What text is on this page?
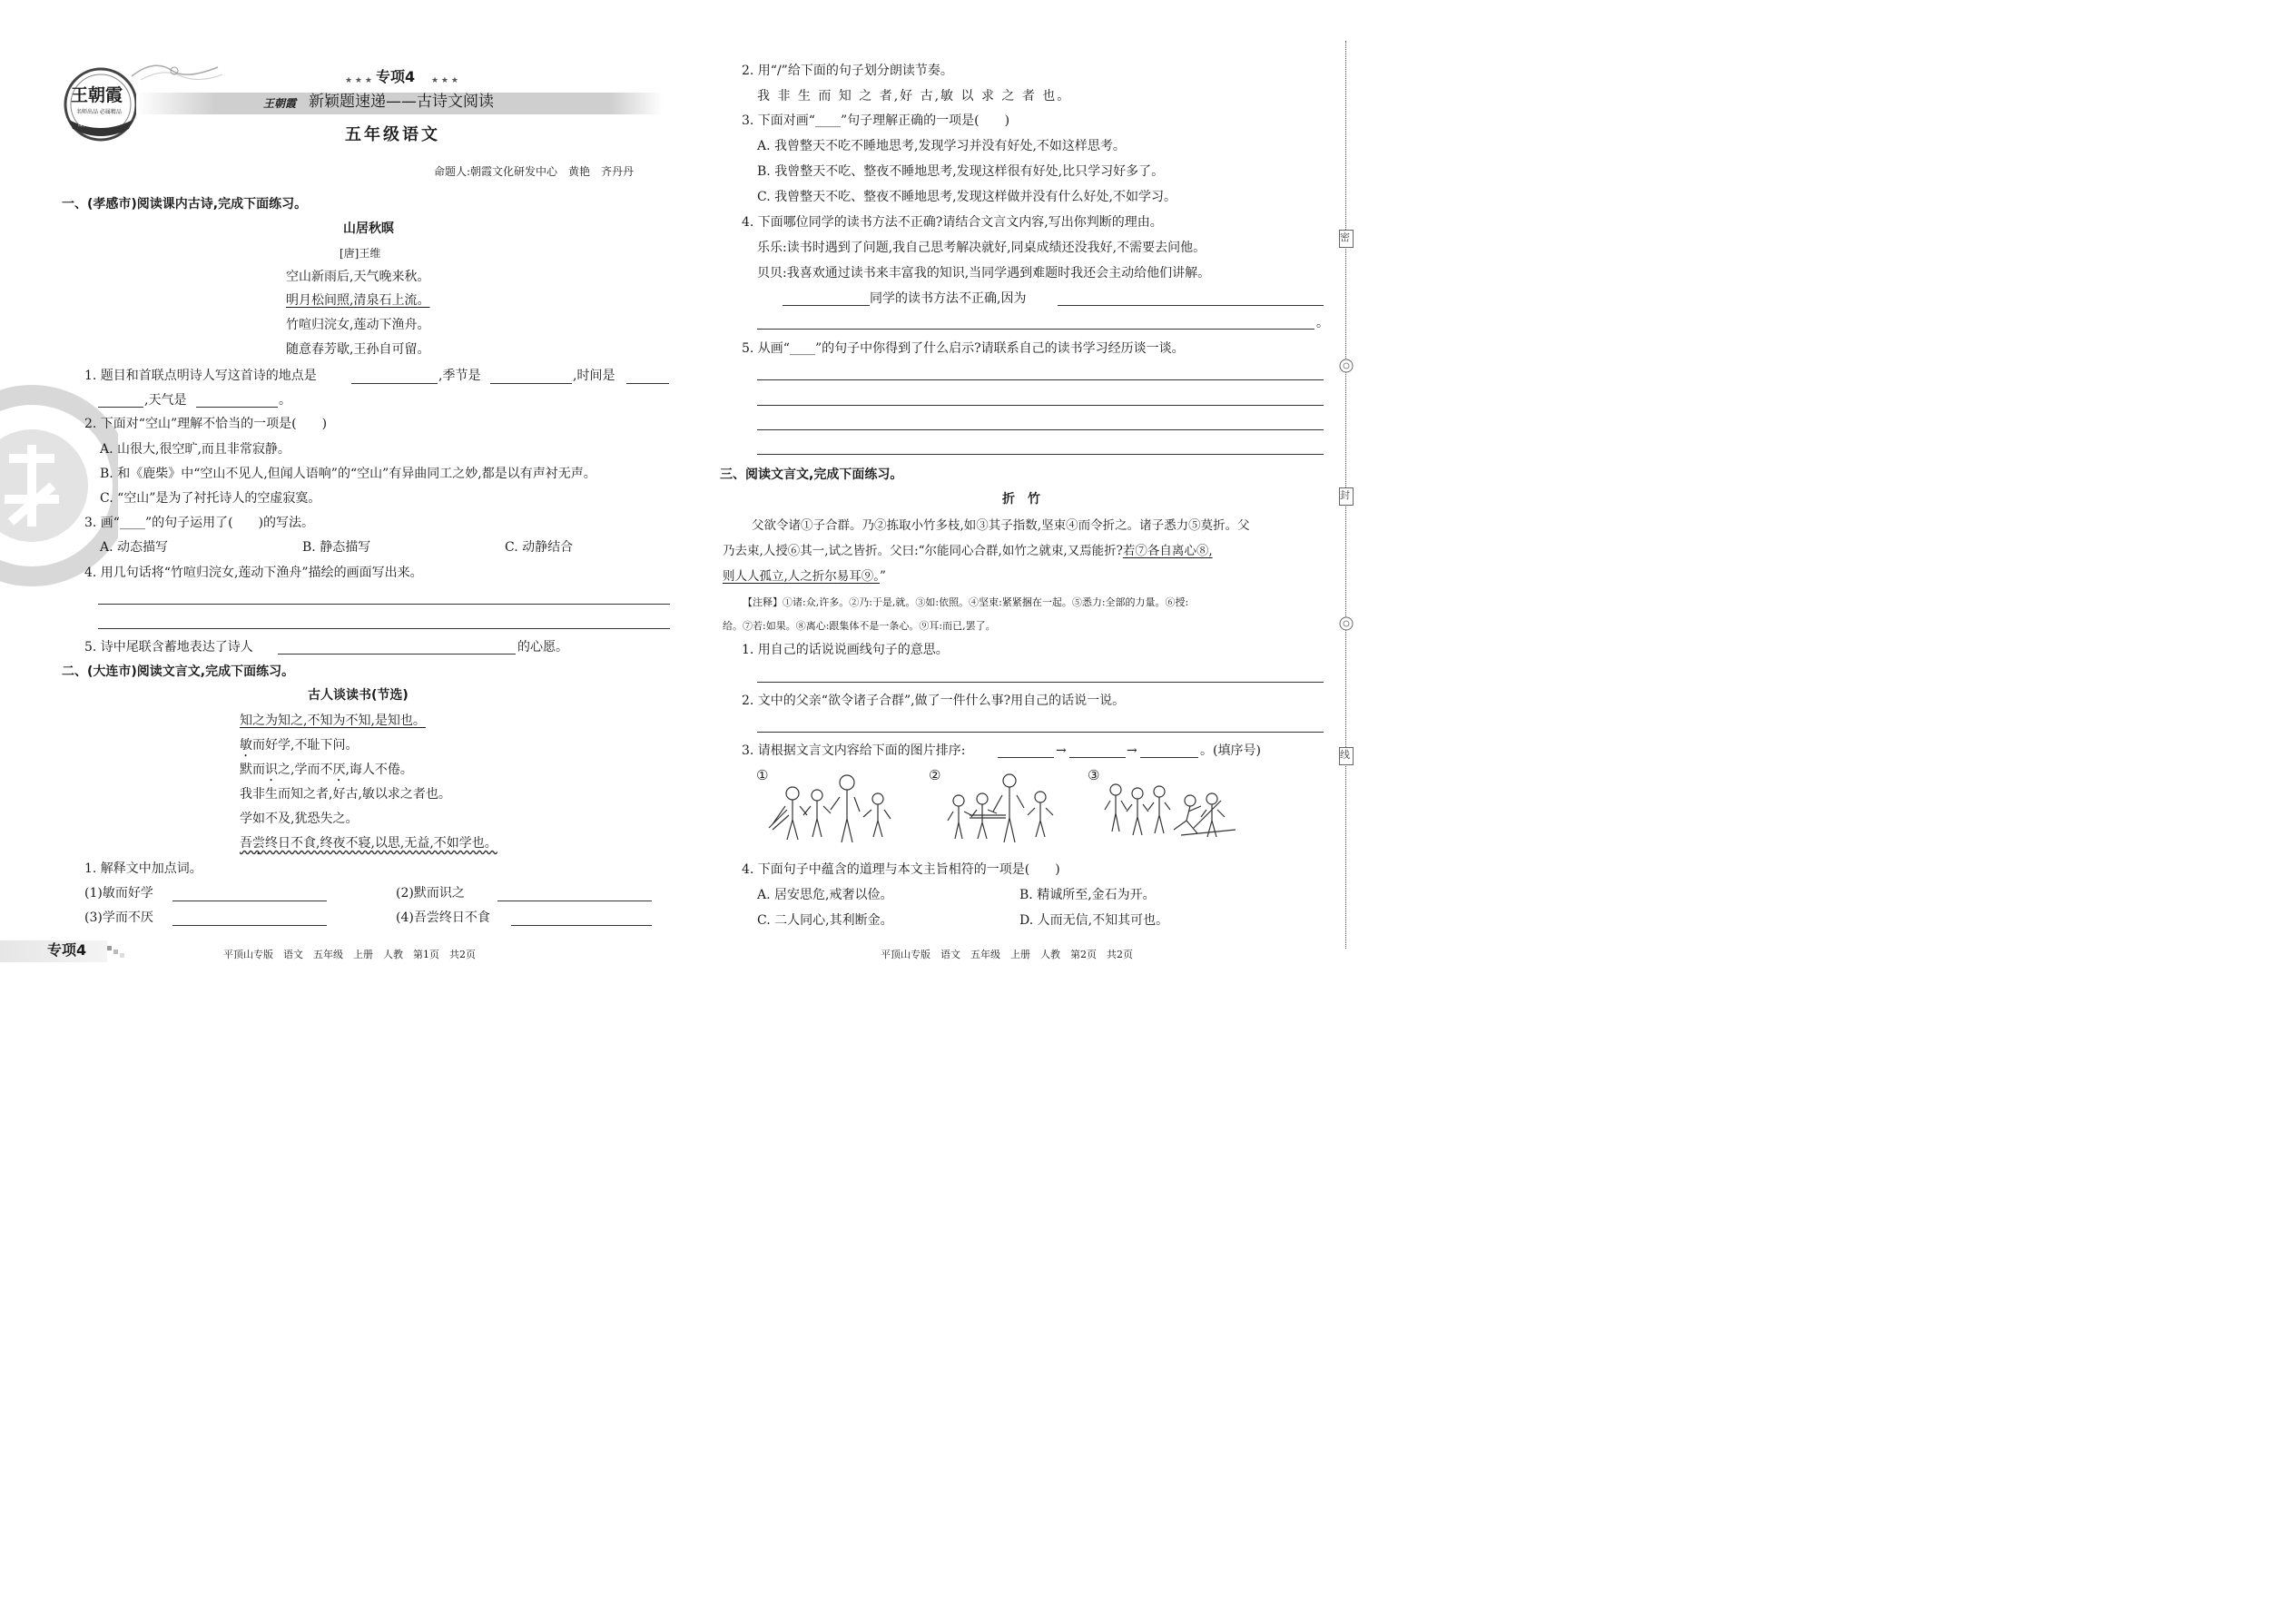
王朝霞
名师出品 必属精品
成长路上 有我相伴
★ ★ ★ 专项4 ★ ★ ★
王朝霞 新颖题速递——古诗文阅读
五年级语文
命题人:朝霞文化研发中心　黄艳　齐丹丹
一、(孝感市)阅读课内古诗,完成下面练习。
山居秋暝
[唐]王维
空山新雨后,天气晚来秋。
明月松间照,清泉石上流。
竹喧归浣女,莲动下渔舟。
随意春芳歇,王孙自可留。
1. 题目和首联点明诗人写这首诗的地点是	,季节是	,时间是
,天气是	。
2. 下面对“空山”理解不恰当的一项是(　　)
A. 山很大,很空旷,而且非常寂静。
B. 和《鹿柴》中“空山不见人,但闻人语响”的“空山”有异曲同工之妙,都是以有声衬无声。
C. “空山”是为了衬托诗人的空虚寂寞。
3. 画“____”的句子运用了(　　)的写法。
A. 动态描写	B. 静态描写	C. 动静结合
4. 用几句话将“竹喧归浣女,莲动下渔舟”描绘的画面写出来。
5. 诗中尾联含蓄地表达了诗人	的心愿。
二、(大连市)阅读文言文,完成下面练习。
古人谈读书(节选)
知之为知之,不知为不知,是知也。
敏而好学,不耻下问。
默而识之,学而不厌,诲人不倦。
我非生而知之者,好古,敏以求之者也。
学如不及,犹恐失之。
吾尝终日不食,终夜不寝,以思,无益,不如学也。
1. 解释文中加点词。
(1)敏而好学	(2)默而识之
(3)学而不厌	(4)吾尝终日不食
专项4	平顶山专版　语文　五年级　上册　人教　第1页　共2页
2. 用“/”给下面的句子划分朗读节奏。
我 非 生 而 知 之 者,好 古,敏 以 求 之 者 也。
3. 下面对画“____”句子理解正确的一项是(　　)
A. 我曾整天不吃不睡地思考,发现学习并没有好处,不如这样思考。
B. 我曾整天不吃、整夜不睡地思考,发现这样很有好处,比只学习好多了。
C. 我曾整天不吃、整夜不睡地思考,发现这样做并没有什么好处,不如学习。
4. 下面哪位同学的读书方法不正确?请结合文言文内容,写出你判断的理由。
乐乐:读书时遇到了问题,我自己思考解决就好,同桌成绩还没我好,不需要去问他。
贝贝:我喜欢通过读书来丰富我的知识,当同学遇到难题时我还会主动给他们讲解。
同学的读书方法不正确,因为
。
5. 从画“____”的句子中你得到了什么启示?请联系自己的读书学习经历谈一谈。
三、阅读文言文,完成下面练习。
折　竹
父欲令诸①子合群。乃②拣取小竹多枝,如③其子指数,坚束④而令折之。诸子悉力⑤莫折。父
乃去束,人授⑥其一,试之皆折。父曰:“尔能同心合群,如竹之就束,又焉能折?若⑦各自离心⑧,
则人人孤立,人之折尔易耳⑨。”
【注释】①诸:众,许多。②乃:于是,就。③如:依照。④坚束:紧紧捆在一起。⑤悉力:全部的力量。⑥授:
给。⑦若:如果。⑧离心:跟集体不是一条心。⑨耳:而已,罢了。
1. 用自己的话说说画线句子的意思。
2. 文中的父亲“欲令诸子合群”,做了一件什么事?用自己的话说一说。
3. 请根据文言文内容给下面的图片排序:	→	→	。(填序号)
①	②	③
4. 下面句子中蕴含的道理与本文主旨相符的一项是(　　)
A. 居安思危,戒奢以俭。	B. 精诚所至,金石为开。
C. 二人同心,其利断金。	D. 人而无信,不知其可也。
平顶山专版　语文　五年级　上册　人教　第2页　共2页
密
封
线
